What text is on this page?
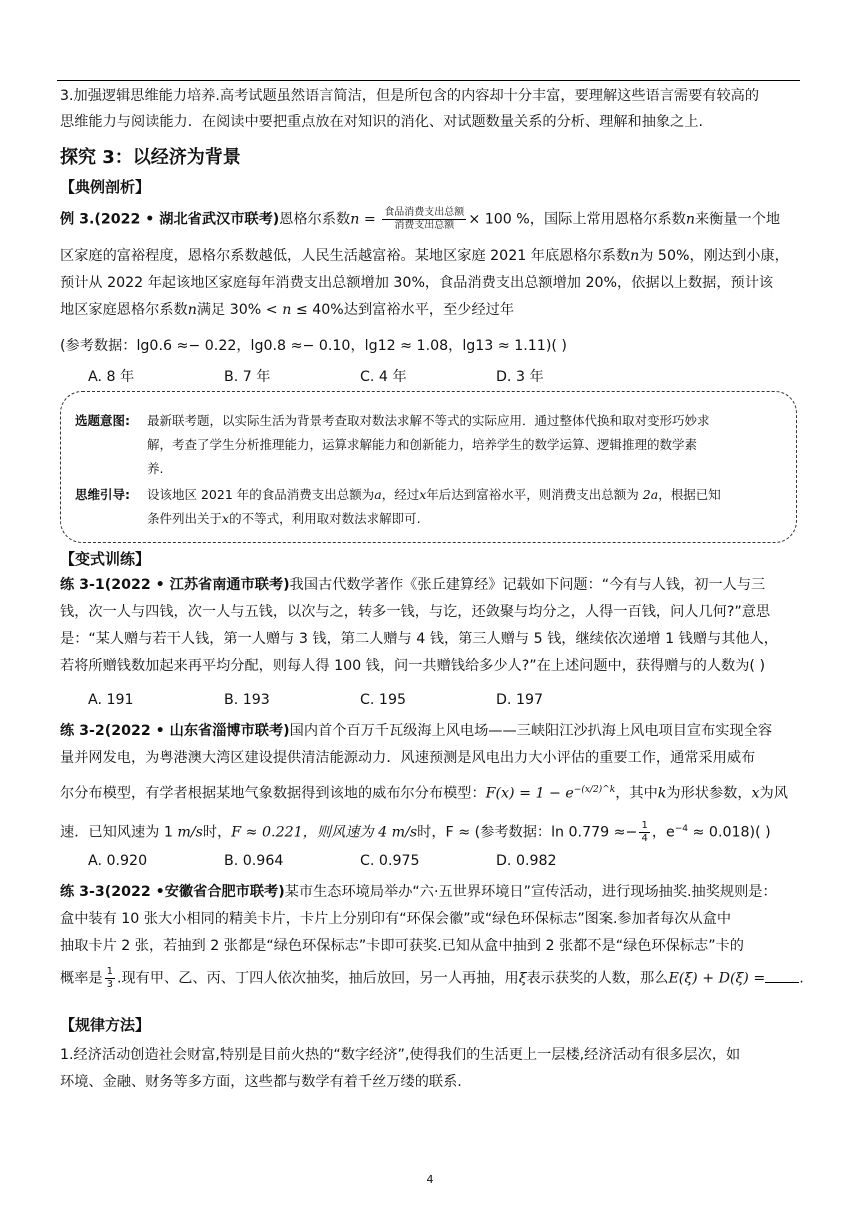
3.加强逻辑思维能力培养.高考试题虽然语言简洁，但是所包含的内容却十分丰富，要理解这些语言需要有较高的
思维能力与阅读能力．在阅读中要把重点放在对知识的消化、对试题数量关系的分析、理解和抽象之上.
探究 3：以经济为背景
【典例剖析】
例 3.(2022 • 湖北省武汉市联考)恩格尔系数$n = \frac{\text{食品消费支出总额}}{\text{消费支出总额}} \times 100$ %，国际上常用恩格尔系数n来衡量一个地
区家庭的富裕程度，恩格尔系数越低，人民生活越富裕。某地区家庭 2021 年底恩格尔系数n为 50%，刚达到小康，
预计从 2022 年起该地区家庭每年消费支出总额增加 30%，食品消费支出总额增加 20%，依据以上数据，预计该
地区家庭恩格尔系数n满足 30% < n ≤ 40%达到富裕水平，至少经过年
(参考数据：lg0.6 ≈− 0.22，lg0.8 ≈− 0.10，lg12 ≈ 1.08，lg13 ≈ 1.11)( )
A. 8 年	B. 7 年	C. 4 年	D. 3 年
选题意图: 最新联考题，以实际生活为背景考查取对数法求解不等式的实际应用．通过整体代换和取对变形巧妙求
解，考查了学生分析推理能力，运算求解能力和创新能力，培养学生的数学运算、逻辑推理的数学素
养.
思维引导: 设该地区 2021 年的食品消费支出总额为a，经过x年后达到富裕水平，则消费支出总额为 2a，根据已知
条件列出关于x的不等式，利用取对数法求解即可.
【变式训练】
练 3-1(2022 • 江苏省南通市联考)我国古代数学著作《张丘建算经》记载如下问题：“今有与人钱，初一人与三
钱，次一人与四钱，次一人与五钱，以次与之，转多一钱，与讫，还敛聚与均分之，人得一百钱，问人几何?”意思
是：“某人赠与若干人钱，第一人赠与 3 钱，第二人赠与 4 钱，第三人赠与 5 钱，继续依次递增 1 钱赠与其他人，
若将所赠钱数加起来再平均分配，则每人得 100 钱，问一共赠钱给多少人?”在上述问题中，获得赠与的人数为( )
A. 191	B. 193	C. 195	D. 197
练 3-2(2022 • 山东省淄博市联考)国内首个百万千瓦级海上风电场——三峡阳江沙扒海上风电项目宣布实现全容
量并网发电，为粤港澳大湾区建设提供清洁能源动力．风速预测是风电出力大小评估的重要工作，通常采用威布
尔分布模型，有学者根据某地气象数据得到该地的威布尔分布模型：$F(x) = 1 - e^{-(x/2)\^{}k}$，其中k为形状参数，x为风
速．已知风速为 1 m/s时，F ≈ 0.221，则风速为 4 m/s时，F ≈ (参考数据：$\ln 0.779 \approx- \frac{1}{4}$ ，$e^{-4} \approx 0.018$)( )
A. 0.920	B. 0.964	C. 0.975	D. 0.982
练 3-3(2022 •安徽省合肥市联考)某市生态环境局举办“六·五世界环境日”宣传活动，进行现场抽奖.抽奖规则是：
盒中装有 10 张大小相同的精美卡片，卡片上分别印有“环保会徽”或“绿色环保标志”图案.参加者每次从盒中
抽取卡片 2 张，若抽到 2 张都是“绿色环保标志”卡即可获奖.已知从盒中抽到 2 张都不是“绿色环保标志”卡的
概率是 $\frac{1}{3}$ .现有甲、乙、丙、丁四人依次抽奖，抽后放回，另一人再抽，用ξ表示获奖的人数，那么E(ξ) + D(ξ) = .
【规律方法】
1.经济活动创造社会财富,特别是目前火热的“数字经济”,使得我们的生活更上一层楼,经济活动有很多层次，如
环境、金融、财务等多方面，这些都与数学有着千丝万缕的联系.
4
